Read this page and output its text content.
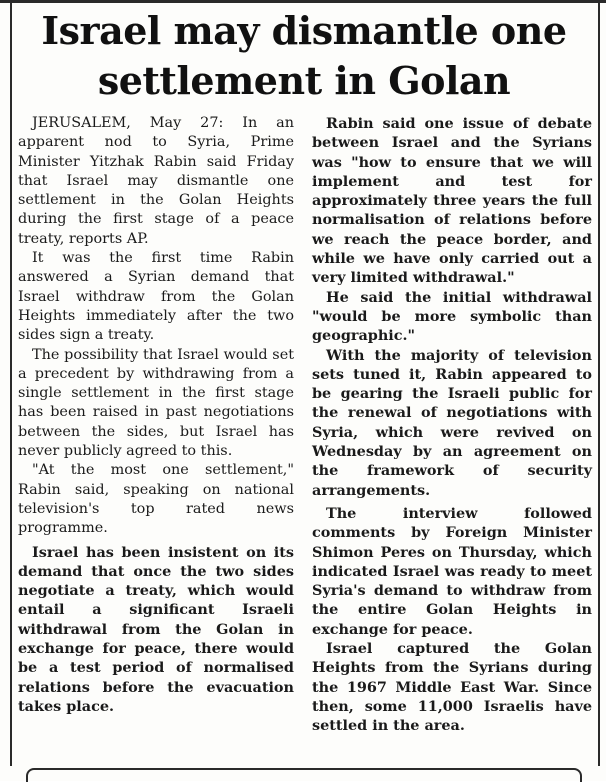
Israel may dismantle one settlement in Golan

JERUSALEM, May 27: In an apparent nod to Syria, Prime Minister Yitzhak Rabin said Friday that Israel may dismantle one settlement in the Golan Heights during the first stage of a peace treaty, reports AP.

It was the first time Rabin answered a Syrian demand that Israel withdraw from the Golan Heights immediately after the two sides sign a treaty.

The possibility that Israel would set a precedent by withdrawing from a single settlement in the first stage has been raised in past negotiations between the sides, but Israel has never publicly agreed to this.

"At the most one settlement," Rabin said, speaking on national television's top rated news programme.

Israel has been insistent on its demand that once the two sides negotiate a treaty, which would entail a significant Israeli withdrawal from the Golan in exchange for peace, there would be a test period of normalised relations before the evacuation takes place.

Rabin said one issue of debate between Israel and the Syrians was "how to ensure that we will implement and test for approximately three years the full normalisation of relations before we reach the peace border, and while we have only carried out a very limited withdrawal."

He said the initial withdrawal "would be more symbolic than geographic."

With the majority of television sets tuned it, Rabin appeared to be gearing the Israeli public for the renewal of negotiations with Syria, which were revived on Wednesday by an agreement on the framework of security arrangements.

The interview followed comments by Foreign Minister Shimon Peres on Thursday, which indicated Israel was ready to meet Syria's demand to withdraw from the entire Golan Heights in exchange for peace.

Israel captured the Golan Heights from the Syrians during the 1967 Middle East War. Since then, some 11,000 Israelis have settled in the area.
